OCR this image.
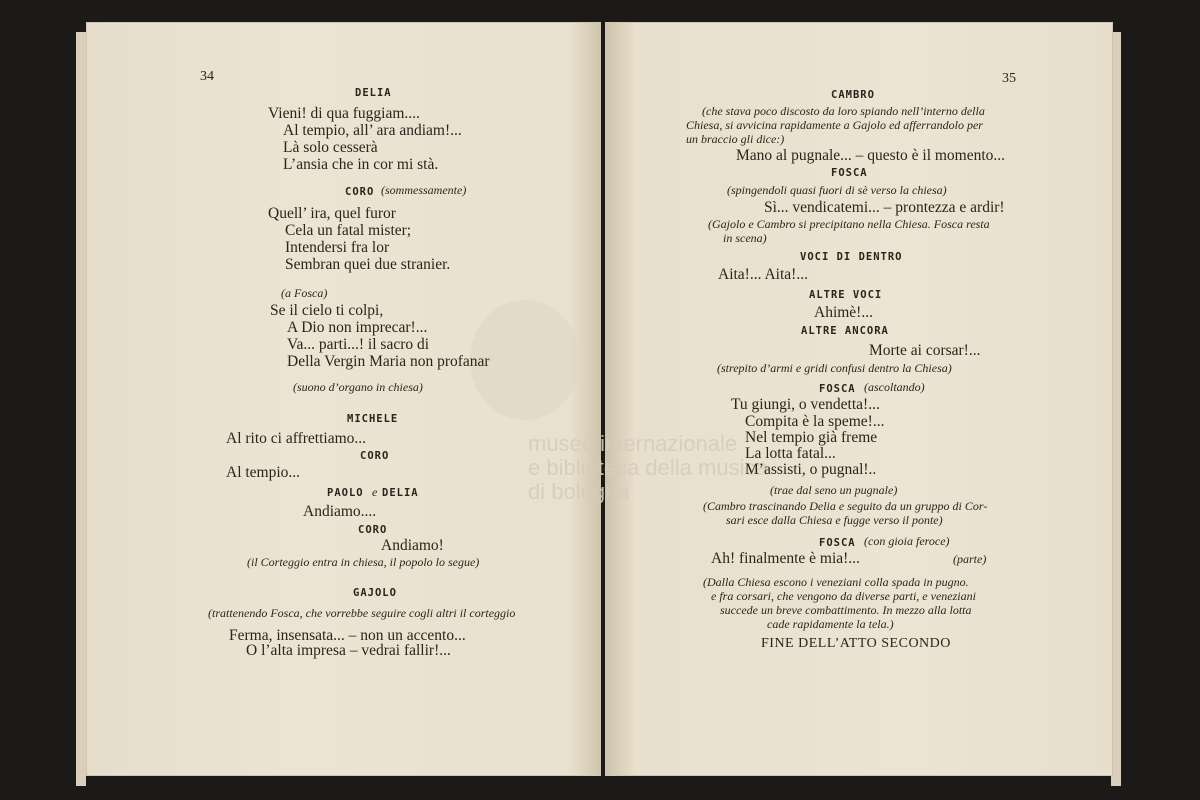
museo internazionale
e biblioteca della musica
di bologna
34
DELIA
Vieni! di qua fuggiam....
Al tempio, all’ ara andiam!...
Là solo cesserà
L’ansia che in cor mi stà.
CORO (sommessamente)
Quell’ ira, quel furor
Cela un fatal mister;
Intendersi fra lor
Sembran quei due stranier.
(a Fosca)
Se il cielo ti colpi,
A Dio non imprecar!...
Va... parti...! il sacro di
Della Vergin Maria non profanar
(suono d’organo in chiesa)
MICHELE
Al rito ci affrettiamo...
CORO
Al tempio...
PAOLO e DELIA
Andiamo....
CORO
Andiamo!
(il Corteggio entra in chiesa, il popolo lo segue)
GAJOLO
(trattenendo Fosca, che vorrebbe seguire cogli altri il corteggio
Ferma, insensata... – non un accento...
O l’alta impresa – vedrai fallir!...
35
CAMBRO
(che stava poco discosto da loro spiando nell’interno della
Chiesa, si avvicina rapidamente a Gajolo ed afferrandolo per
un braccio gli dice:)
Mano al pugnale... – questo è il momento...
FOSCA
(spingendoli quasi fuori di sè verso la chiesa)
Sì... vendicatemi... – prontezza e ardir!
(Gajolo e Cambro si precipitano nella Chiesa. Fosca resta
in scena)
VOCI DI DENTRO
Aita!... Aita!...
ALTRE VOCI
Ahimè!...
ALTRE ANCORA
Morte ai corsar!...
(strepito d’armi e gridi confusi dentro la Chiesa)
FOSCA (ascoltando)
Tu giungi, o vendetta!...
Compita è la speme!...
Nel tempio già freme
La lotta fatal...
M’assisti, o pugnal!..
(trae dal seno un pugnale)
(Cambro trascinando Delia e seguito da un gruppo di Cor-
sari esce dalla Chiesa e fugge verso il ponte)
FOSCA (con gioia feroce)
Ah! finalmente è mia!...	(parte)
(Dalla Chiesa escono i veneziani colla spada in pugno.
e fra corsari, che vengono da diverse parti, e veneziani
succede un breve combattimento. In mezzo alla lotta
cade rapidamente la tela.)
FINE DELL’ATTO SECONDO
